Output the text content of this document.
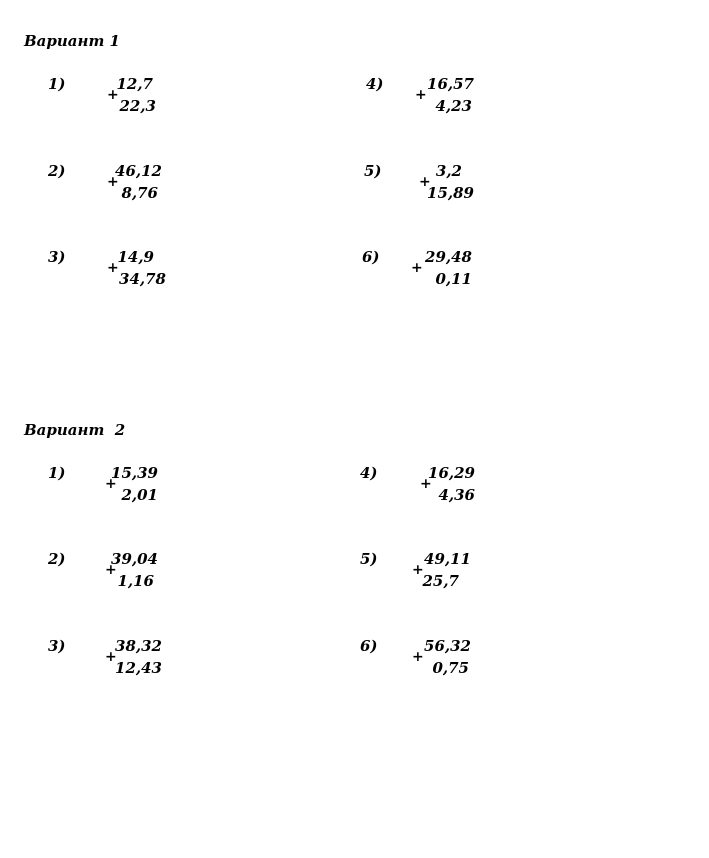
Вариант 1
1)
+
12,7
22,3
2)
+
46,12
8,76
3)
+
14,9
34,78
4)
+
16,57
4,23
5)
+
3,2
15,89
6)
+
29,48
0,11
Вариант  2
1)
+
15,39
2,01
2)
+
39,04
1,16
3)
+
38,32
12,43
4)
+
16,29
4,36
5)
+
49,11
25,7
6)
+
56,32
0,75
